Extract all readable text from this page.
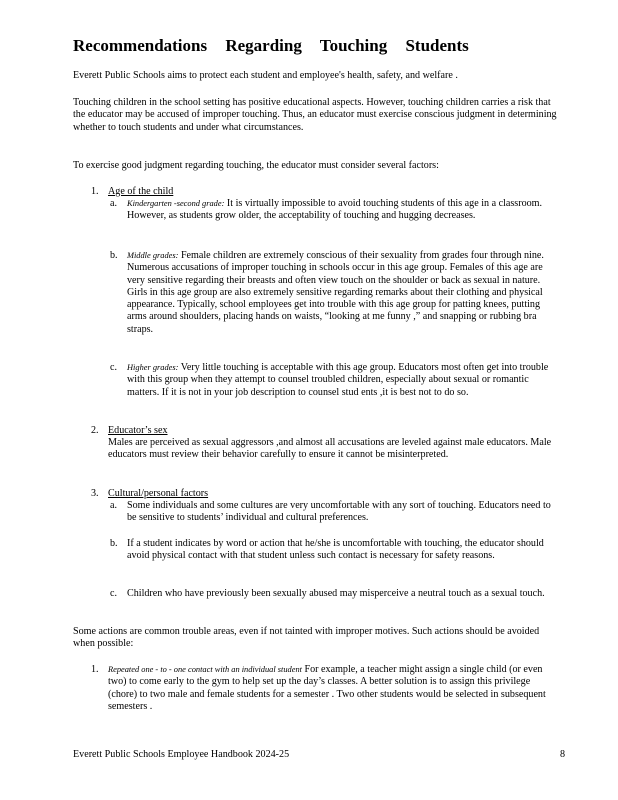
Recommendations Regarding Touching Students
Everett Public Schools aims to protect each student and employee's health, safety, and welfare .
Touching children in the school setting has positive educational aspects. However, touching children carries a risk that the educator may be accused of improper touching. Thus, an educator must exercise conscious judgment in determining whether to touch students and under what circumstances.
To exercise good judgment regarding touching, the educator must consider several factors:
1. Age of the child
a. Kindergarten -second grade: It is virtually impossible to avoid touching students of this age in a classroom. However, as students grow older, the acceptability of touching and hugging decreases.
b. Middle grades: Female children are extremely conscious of their sexuality from grades four through nine. Numerous accusations of improper touching in schools occur in this age group. Females of this age are very sensitive regarding their breasts and often view touch on the shoulder or back as sexual in nature. Girls in this age group are also extremely sensitive regarding remarks about their clothing and physical appearance. Typically, school employees get into trouble with this age group for patting knees, putting arms around shoulders, placing hands on waists, “looking at me funny ,” and snapping or rubbing bra straps.
c. Higher grades: Very little touching is acceptable with this age group. Educators most often get into trouble with this group when they attempt to counsel troubled children, especially about sexual or romantic matters. If it is not in your job description to counsel stud ents ,it is best not to do so.
2. Educator’s sex
Males are perceived as sexual aggressors ,and almost all accusations are leveled against male educators. Male educators must review their behavior carefully to ensure it cannot be misinterpreted.
3. Cultural/personal factors
a. Some individuals and some cultures are very uncomfortable with any sort of touching. Educators need to be sensitive to students’ individual and cultural preferences.
b. If a student indicates by word or action that he/she is uncomfortable with touching, the educator should avoid physical contact with that student unless such contact is necessary for safety reasons.
c. Children who have previously been sexually abused may misperceive a neutral touch as a sexual touch.
Some actions are common trouble areas, even if not tainted with improper motives. Such actions should be avoided when possible:
1. Repeated one - to - one contact with an individual student For example, a teacher might assign a single child (or even two) to come early to the gym to help set up the day’s classes. A better solution is to assign this privilege (chore) to two male and female students for a semester . Two other students would be selected in subsequent semesters .
Everett Public Schools Employee Handbook 2024-25	8
